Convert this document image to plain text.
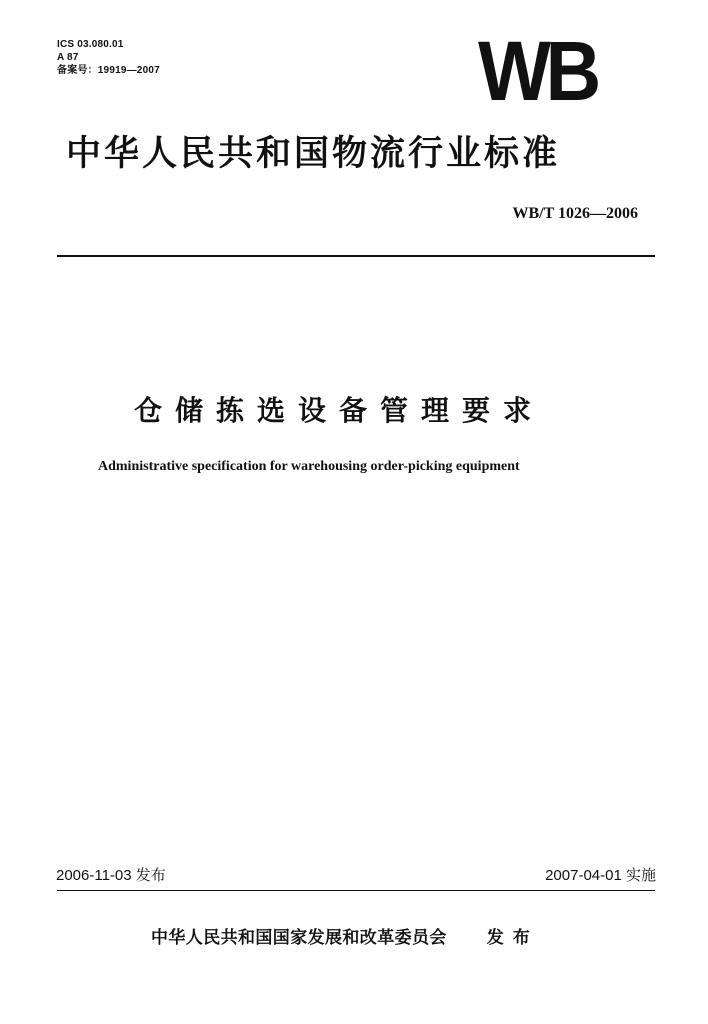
ICS 03.080.01
A 87
备案号：19919—2007	WB
中华人民共和国物流行业标准
WB/T 1026—2006
仓储拣选设备管理要求
Administrative specification for warehousing order-picking equipment
2006-11-03 发布	2007-04-01 实施
中华人民共和国国家发展和改革委员会 发布
